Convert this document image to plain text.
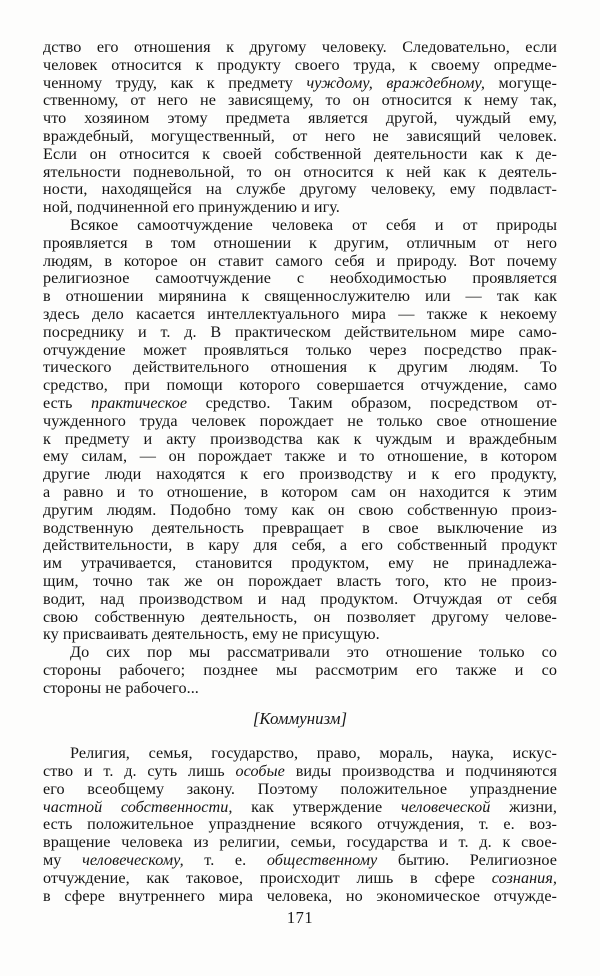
дство его отношения к другому человеку. Следовательно, если
человек относится к продукту своего труда, к своему опредме-
ченному труду, как к предмету чуждому, враждебному, могуще-
ственному, от него не зависящему, то он относится к нему так,
что хозяином этому предмета является другой, чуждый ему,
враждебный, могущественный, от него не зависящий человек.
Если он относится к своей собственной деятельности как к де-
ятельности подневольной, то он относится к ней как к деятель-
ности, находящейся на службе другому человеку, ему подвласт-
ной, подчиненной его принуждению и игу.
Всякое самоотчуждение человека от себя и от природы
проявляется в том отношении к другим, отличным от него
людям, в которое он ставит самого себя и природу. Вот почему
религиозное самоотчуждение с необходимостью проявляется
в отношении мирянина к священнослужителю или — так как
здесь дело касается интеллектуального мира — также к некоему
посреднику и т. д. В практическом действительном мире само-
отчуждение может проявляться только через посредство прак-
тического действительного отношения к другим людям. То
средство, при помощи которого совершается отчуждение, само
есть практическое средство. Таким образом, посредством от-
чужденного труда человек порождает не только свое отношение
к предмету и акту производства как к чуждым и враждебным
ему силам, — он порождает также и то отношение, в котором
другие люди находятся к его производству и к его продукту,
а равно и то отношение, в котором сам он находится к этим
другим людям. Подобно тому как он свою собственную произ-
водственную деятельность превращает в свое выключение из
действительности, в кару для себя, а его собственный продукт
им утрачивается, становится продуктом, ему не принадлежа-
щим, точно так же он порождает власть того, кто не произ-
водит, над производством и над продуктом. Отчуждая от себя
свою собственную деятельность, он позволяет другому челове-
ку присваивать деятельность, ему не присущую.
До сих пор мы рассматривали это отношение только со
стороны рабочего; позднее мы рассмотрим его также и со
стороны не рабочего...
[Коммунизм]
Религия, семья, государство, право, мораль, наука, искус-
ство и т. д. суть лишь особые виды производства и подчиняются
его всеобщему закону. Поэтому положительное упразднение
частной собственности, как утверждение человеческой жизни,
есть положительное упразднение всякого отчуждения, т. е. воз-
вращение человека из религии, семьи, государства и т. д. к свое-
му человеческому, т. е. общественному бытию. Религиозное
отчуждение, как таковое, происходит лишь в сфере сознания,
в сфере внутреннего мира человека, но экономическое отчужде-
171
